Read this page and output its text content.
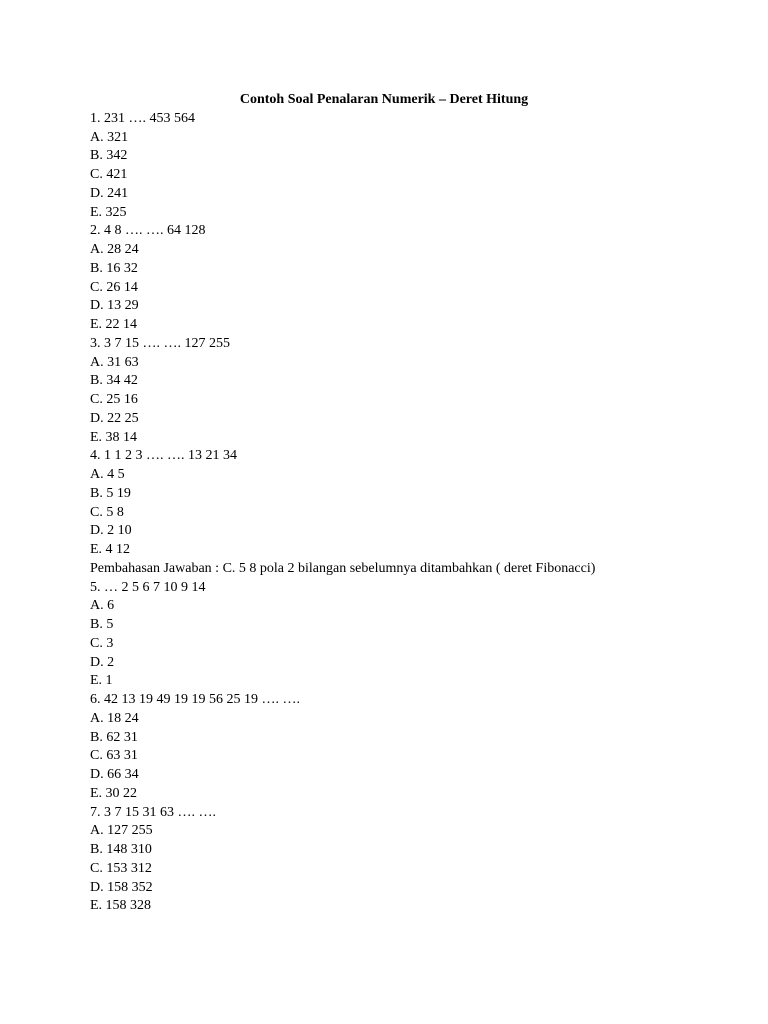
Contoh Soal Penalaran Numerik – Deret Hitung

1. 231 …. 453 564
A. 321
B. 342
C. 421
D. 241
E. 325
2. 4 8 …. …. 64 128
A. 28 24
B. 16 32
C. 26 14
D. 13 29
E. 22 14
3. 3 7 15 …. …. 127 255
A. 31 63
B. 34 42
C. 25 16
D. 22 25
E. 38 14
4. 1 1 2 3 …. …. 13 21 34
A. 4 5
B. 5 19
C. 5 8
D. 2 10
E. 4 12
Pembahasan Jawaban : C. 5 8 pola 2 bilangan sebelumnya ditambahkan ( deret Fibonacci)
5. … 2 5 6 7 10 9 14
A. 6
B. 5
C. 3
D. 2
E. 1
6. 42 13 19 49 19 19 56 25 19 …. ….
A. 18 24
B. 62 31
C. 63 31
D. 66 34
E. 30 22
7. 3 7 15 31 63 …. ….
A. 127 255
B. 148 310
C. 153 312
D. 158 352
E. 158 328
